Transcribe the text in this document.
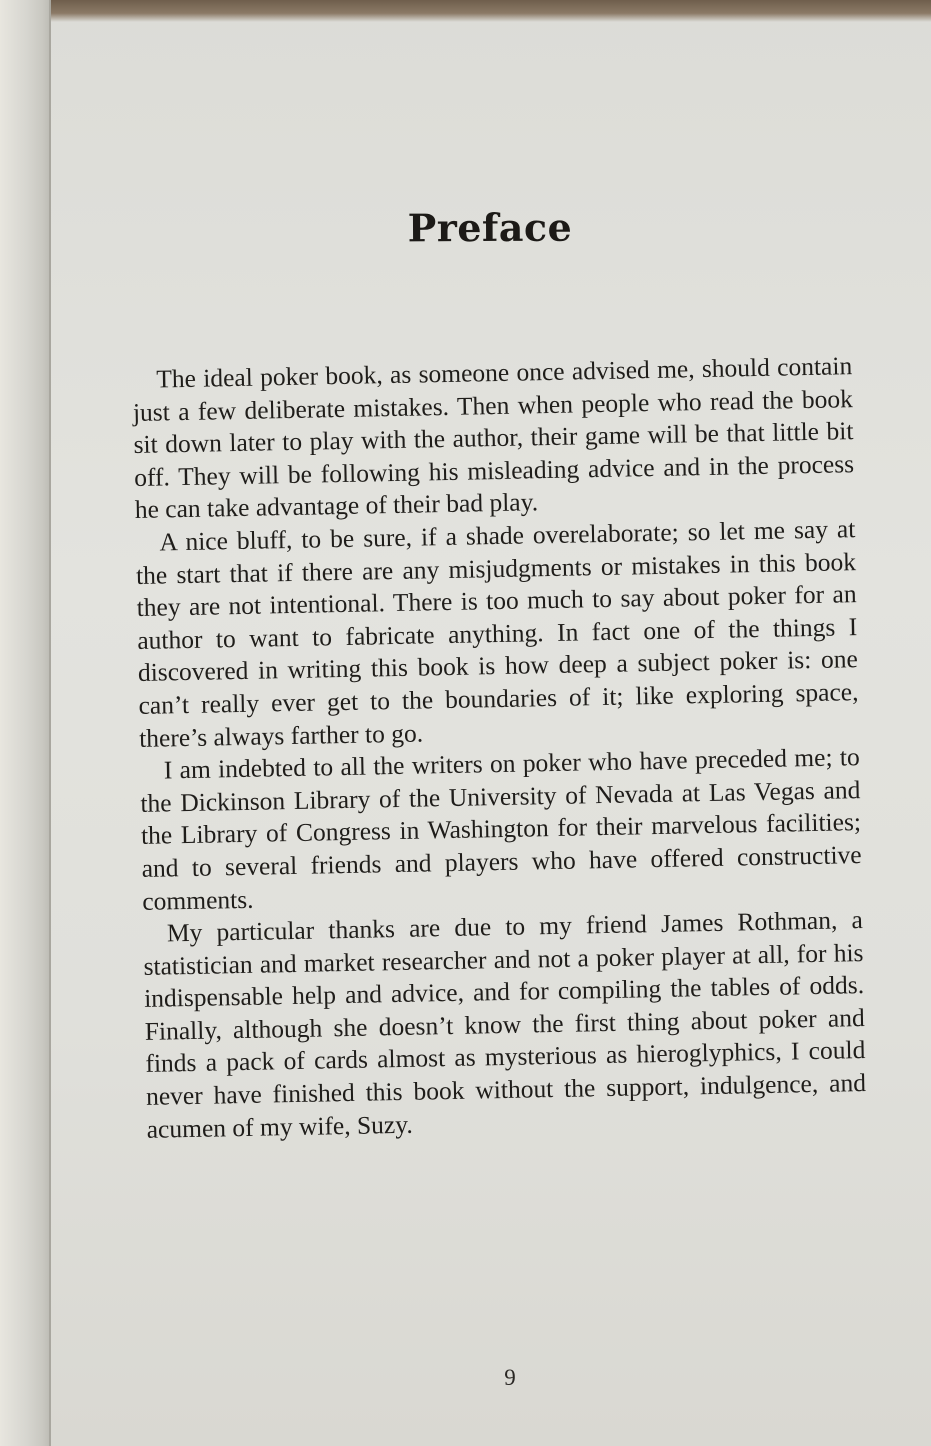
Preface

The ideal poker book, as someone once advised me, should contain just a few deliberate mistakes. Then when people who read the book sit down later to play with the author, their game will be that little bit off. They will be following his misleading advice and in the process he can take advantage of their bad play.

A nice bluff, to be sure, if a shade overelaborate; so let me say at the start that if there are any misjudgments or mistakes in this book they are not intentional. There is too much to say about poker for an author to want to fabricate anything. In fact one of the things I discovered in writing this book is how deep a subject poker is: one can’t really ever get to the boundaries of it; like exploring space, there’s always farther to go.

I am indebted to all the writers on poker who have preceded me; to the Dickinson Library of the University of Nevada at Las Vegas and the Library of Congress in Washington for their marvelous facilities; and to several friends and players who have offered constructive comments.

My particular thanks are due to my friend James Rothman, a statistician and market researcher and not a poker player at all, for his indispensable help and advice, and for compiling the tables of odds. Finally, although she doesn’t know the first thing about poker and finds a pack of cards almost as mysterious as hieroglyphics, I could never have finished this book without the support, indulgence, and acumen of my wife, Suzy.

9
